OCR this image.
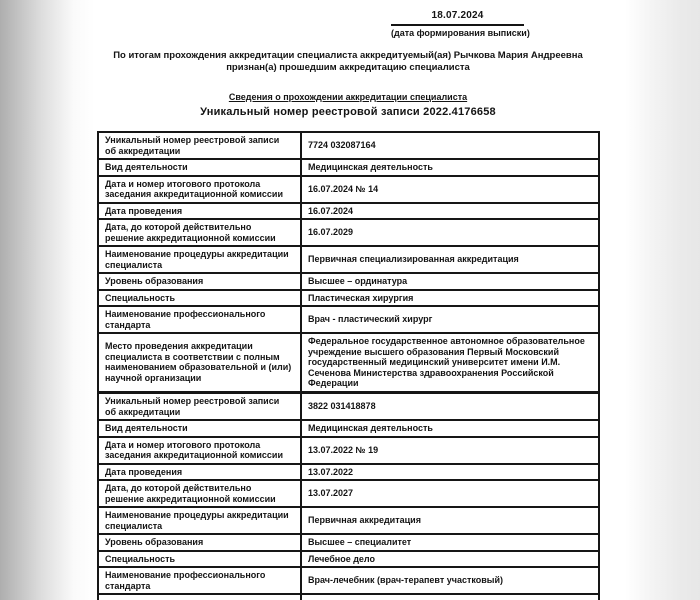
18.07.2024
(дата формирования выписки)
По итогам прохождения аккредитации специалиста аккредитуемый(ая) Рычкова Мария Андреевна
признан(а) прошедшим аккредитацию специалиста
Сведения о прохождении аккредитации специалиста
Уникальный номер реестровой записи 2022.4176658
Уникальный номер реестровой записи об аккредитации	7724 032087164
Вид деятельности	Медицинская деятельность
Дата и номер итогового протокола заседания аккредитационной комиссии	16.07.2024 № 14
Дата проведения	16.07.2024
Дата, до которой действительно решение аккредитационной комиссии	16.07.2029
Наименование процедуры аккредитации специалиста	Первичная специализированная аккредитация
Уровень образования	Высшее – ординатура
Специальность	Пластическая хирургия
Наименование профессионального стандарта	Врач - пластический хирург
Место проведения аккредитации специалиста в соответствии с полным наименованием образовательной и (или) научной организации	Федеральное государственное автономное образовательное учреждение высшего образования Первый Московский государственный медицинский университет имени И.М. Сеченова Министерства здравоохранения Российской Федерации
Уникальный номер реестровой записи об аккредитации	3822 031418878
Вид деятельности	Медицинская деятельность
Дата и номер итогового протокола заседания аккредитационной комиссии	13.07.2022 № 19
Дата проведения	13.07.2022
Дата, до которой действительно решение аккредитационной комиссии	13.07.2027
Наименование процедуры аккредитации специалиста	Первичная аккредитация
Уровень образования	Высшее – специалитет
Специальность	Лечебное дело
Наименование профессионального стандарта	Врач-лечебник (врач-терапевт участковый)
